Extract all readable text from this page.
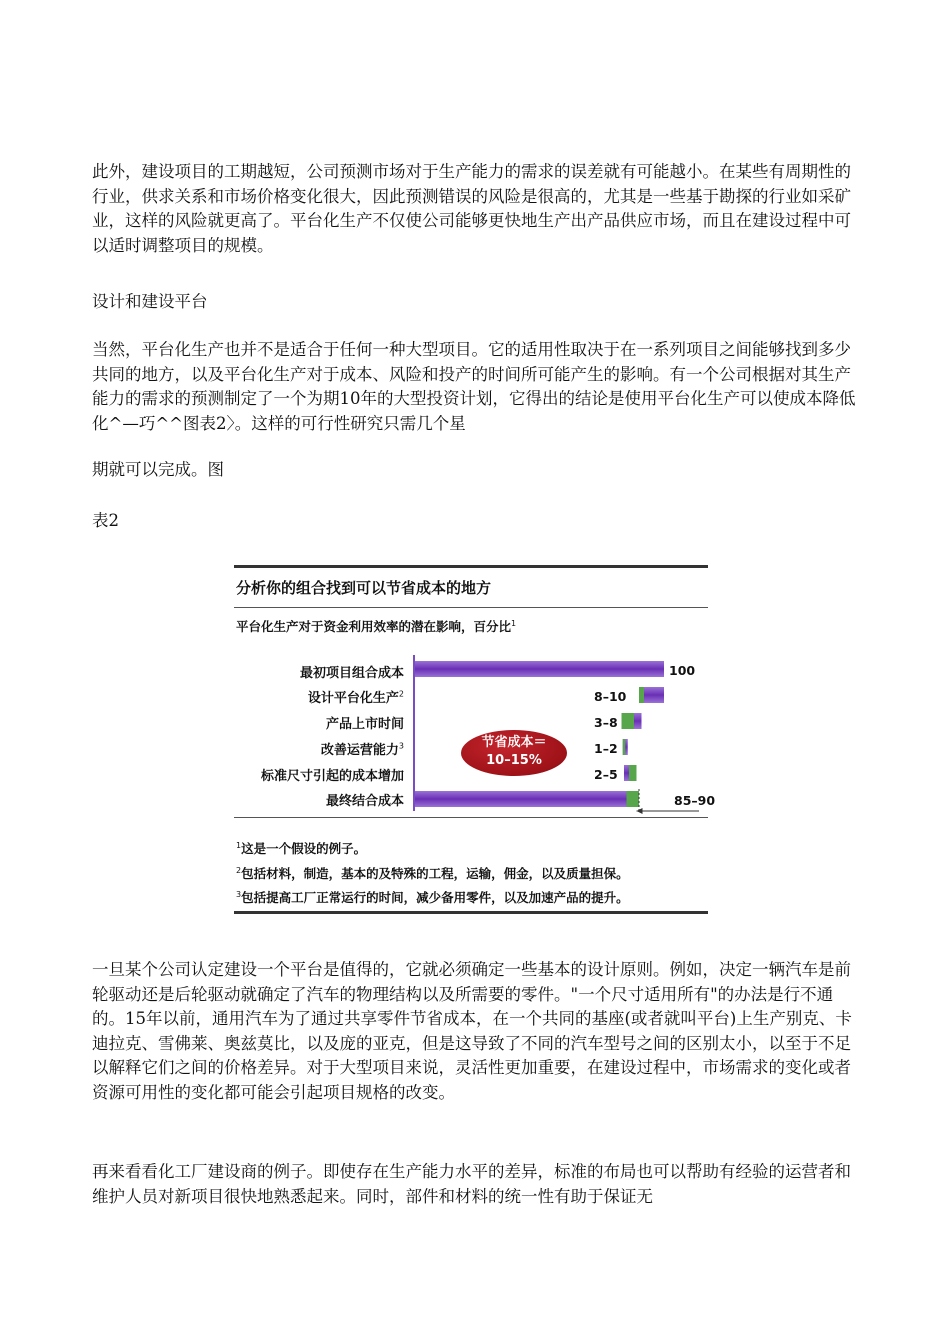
此外，建设项目的工期越短，公司预测市场对于生产能力的需求的误差就有可能越小。在某些有周期性的行业，供求关系和市场价格变化很大，因此预测错误的风险是很高的，尤其是一些基于勘探的行业如采矿业，这样的风险就更高了。平台化生产不仅使公司能够更快地生产出产品供应市场，而且在建设过程中可以适时调整项目的规模。

设计和建设平台

当然，平台化生产也并不是适合于任何一种大型项目。它的适用性取决于在一系列项目之间能够找到多少共同的地方，以及平台化生产对于成本、风险和投产的时间所可能产生的影响。有一个公司根据对其生产能力的需求的预测制定了一个为期10年的大型投资计划，它得出的结论是使用平台化生产可以使成本降低化^—巧^^图表2〉。这样的可行性研究只需几个星

期就可以完成。图

表2

分析你的组合找到可以节省成本的地方
平台化生产对于资金利用效率的潜在影响，百分比$^1$
最初项目组合成本
设计平台化生产$^2$
产品上市时间
改善运营能力$^3$
标准尺寸引起的成本增加
最终结合成本
100
8–10
3–8
1–2
2–5
85–90
节省成本＝
10–15%
$^1$这是一个假设的例子。
$^2$包括材料，制造，基本的及特殊的工程，运输，佣金，以及质量担保。
$^3$包括提高工厂正常运行的时间，减少备用零件，以及加速产品的提升。

一旦某个公司认定建设一个平台是值得的，它就必须确定一些基本的设计原则。例如，决定一辆汽车是前轮驱动还是后轮驱动就确定了汽车的物理结构以及所需要的零件。"一个尺寸适用所有"的办法是行不通的。15年以前，通用汽车为了通过共享零件节省成本，在一个共同的基座(或者就叫平台)上生产别克、卡迪拉克、雪佛莱、奥兹莫比，以及庞的亚克，但是这导致了不同的汽车型号之间的区别太小，以至于不足以解释它们之间的价格差异。对于大型项目来说，灵活性更加重要，在建设过程中，市场需求的变化或者资源可用性的变化都可能会引起项目规格的改变。

再来看看化工厂建设商的例子。即使存在生产能力水平的差异，标准的布局也可以帮助有经验的运营者和维护人员对新项目很快地熟悉起来。同时，部件和材料的统一性有助于保证无
